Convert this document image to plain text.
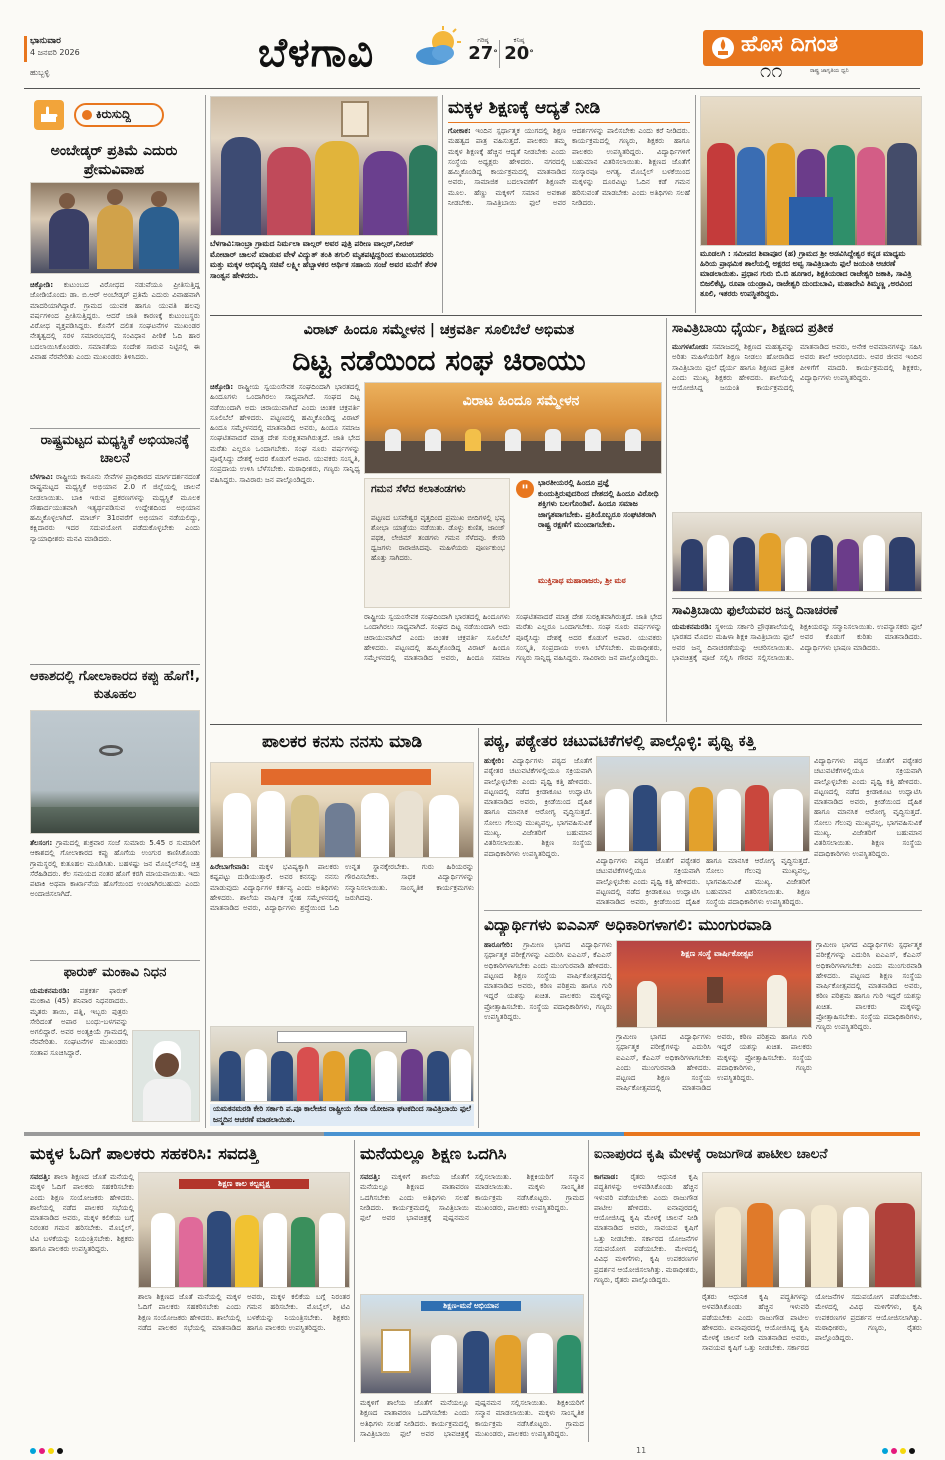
ಭಾನುವಾರ
4 ಜನವರಿ 2026
ಹುಬ್ಬಳ್ಳಿ	ಬೆಳಗಾವಿ	ಗರಿಷ್ಠ
27°
ಕನಿಷ್ಠ
20°	ಹೊಸ ದಿಗಂತ
ರಾಷ್ಟ್ರ ಜಾಗೃತಿಯ ಧ್ವನಿ
೧೧
ಕಿರುಸುದ್ದಿ
ಅಂಬೇಡ್ಕರ್ ಪ್ರತಿಮೆ ಎದುರು ಪ್ರೇಮವಿವಾಹ
ಚಿಕ್ಕೋಡಿ: ಕುಟುಂಬದ ವಿರೋಧದ ನಡುವೆಯೂ ಪ್ರೀತಿಸುತ್ತಿದ್ದ ಜೋಡಿಯೊಂದು ಡಾ. ಬಿ.ಆರ್ ಅಂಬೇಡ್ಕರ್ ಪ್ರತಿಮೆ ಎದುರು ವಿವಾಹವಾಗಿ ಮಾದರಿಯಾಗಿದ್ದಾರೆ. ಗ್ರಾಮದ ಯುವಕ ಹಾಗೂ ಯುವತಿ ಹಲವು ವರ್ಷಗಳಿಂದ ಪ್ರೀತಿಸುತ್ತಿದ್ದರು. ಆದರೆ ಜಾತಿ ಕಾರಣಕ್ಕೆ ಕುಟುಂಬಸ್ಥರು ವಿರೋಧ ವ್ಯಕ್ತಪಡಿಸಿದ್ದರು. ಕೊನೆಗೆ ದಲಿತ ಸಂಘಟನೆಗಳ ಮುಖಂಡರ ನೇತೃತ್ವದಲ್ಲಿ ಸರಳ ಸಮಾರಂಭದಲ್ಲಿ ಸಂವಿಧಾನ ಪೀಠಿಕೆ ಓದಿ ಹಾರ ಬದಲಾಯಿಸಿಕೊಂಡರು. ಸಮಾನತೆಯ ಸಂದೇಶ ಸಾರುವ ನಿಟ್ಟಿನಲ್ಲಿ ಈ ವಿವಾಹ ನೆರವೇರಿತು ಎಂದು ಮುಖಂಡರು ತಿಳಿಸಿದರು.
ರಾಷ್ಟ್ರಮಟ್ಟದ ಮಧ್ಯಸ್ಥಿಕೆ ಅಭಿಯಾನಕ್ಕೆ ಚಾಲನೆ
ಬೆಳಗಾವಿ: ರಾಷ್ಟ್ರೀಯ ಕಾನೂನು ಸೇವೆಗಳ ಪ್ರಾಧಿಕಾರದ ಮಾರ್ಗದರ್ಶನದಂತೆ ರಾಷ್ಟ್ರಮಟ್ಟದ ಮಧ್ಯಸ್ಥಿಕೆ ಅಭಿಯಾನ 2.0 ಗೆ ಜಿಲ್ಲೆಯಲ್ಲಿ ಚಾಲನೆ ನೀಡಲಾಯಿತು. ಬಾಕಿ ಇರುವ ಪ್ರಕರಣಗಳನ್ನು ಮಧ್ಯಸ್ಥಿಕೆ ಮೂಲಕ ಸೌಹಾರ್ದಯುತವಾಗಿ ಇತ್ಯರ್ಥಪಡಿಸುವ ಉದ್ದೇಶದಿಂದ ಅಭಿಯಾನ ಹಮ್ಮಿಕೊಳ್ಳಲಾಗಿದೆ. ಮಾರ್ಚ್ 31ರವರೆಗೆ ಅಭಿಯಾನ ನಡೆಯಲಿದ್ದು, ಕಕ್ಷಿದಾರರು ಇದರ ಸದುಪಯೋಗ ಪಡೆದುಕೊಳ್ಳಬೇಕು ಎಂದು ನ್ಯಾಯಾಧೀಶರು ಮನವಿ ಮಾಡಿದರು.
ಆಕಾಶದಲ್ಲಿ ಗೋಲಾಕಾರದ ಕಪ್ಪು ಹೊಗೆ!, ಕುತೂಹಲ
ತೆಲಸಂಗ: ಗ್ರಾಮದಲ್ಲಿ ಶುಕ್ರವಾರ ಸಂಜೆ ಸುಮಾರು 5.45 ರ ಸುಮಾರಿಗೆ ಆಕಾಶದಲ್ಲಿ ಗೋಲಾಕಾರದ ಕಪ್ಪು ಹೊಗೆಯ ಉಂಗುರ ಕಾಣಿಸಿಕೊಂಡು ಗ್ರಾಮಸ್ಥರಲ್ಲಿ ಕುತೂಹಲ ಮೂಡಿಸಿತು. ಬಹಳಷ್ಟು ಜನ ಮೊಬೈಲ್‌ನಲ್ಲಿ ಚಿತ್ರ ಸೆರೆಹಿಡಿದರು. ಕೆಲ ಸಮಯದ ನಂತರ ಹೊಗೆ ಕರಗಿ ಮಾಯವಾಯಿತು. ಇದು ಪಟಾಕಿ ಅಥವಾ ಕಾರ್ಖಾನೆಯ ಹೊಗೆಯಿಂದ ಉಂಟಾಗಿರಬಹುದು ಎಂದು ಅಂದಾಜಿಸಲಾಗಿದೆ.
ಫಾರುಕ್ ಮಂಕಾವಿ ನಿಧನ
ಯಮಕನಮರಡಿ: ಪತ್ರಕರ್ತ ಫಾರುಕ್ ಮಂಕಾವಿ (45) ಶನಿವಾರ ನಿಧನರಾದರು. ಮೃತರು ತಾಯಿ, ಪತ್ನಿ, ಇಬ್ಬರು ಪುತ್ರರು ಸೇರಿದಂತೆ ಅಪಾರ ಬಂಧು-ಬಳಗವನ್ನು ಅಗಲಿದ್ದಾರೆ. ಅವರ ಅಂತ್ಯಕ್ರಿಯೆ ಗ್ರಾಮದಲ್ಲಿ ನೆರವೇರಿತು. ಸಂಘಟನೆಗಳ ಮುಖಂಡರು ಸಂತಾಪ ಸೂಚಿಸಿದ್ದಾರೆ.
ಬೆಳಗಾವಿ:ಸಾಂಬ್ರಾ ಗ್ರಾಮದ ನಿರ್ಮಲಾ ವಾಲ್ಗರ್ ಅವರ ಪುತ್ರಿ ಪರೀಣ ವಾಲ್ಗರ್,ನೀರಜ್ ಮೋಟಾರ್ ಚಾಲನೆ ಮಾಡುವ ವೇಳೆ ವಿದ್ಯುತ್ ತಂತಿ ತಗುಲಿ ಮೃತಪಟ್ಟಿದ್ದರಿಂದ ಕುಟುಂಬದವರು ಮತ್ತು ಮಕ್ಕಳ ಅಭಿವೃದ್ಧಿ ಸಚಿವೆ ಲಕ್ಷ್ಮೀ ಹೆಬ್ಬಾಳಕರ ಆರ್ಥಿಕ ಸಹಾಯ ಸಂಜೆ ಅವರ ಮನೆಗೆ ತೆರಳಿ ಸಾಂತ್ವನ ಹೇಳಿದರು.
ಮಕ್ಕಳ ಶಿಕ್ಷಣಕ್ಕೆ ಆದ್ಯತೆ ನೀಡಿ
ಗೋಕಾಕ: ಇಂದಿನ ಸ್ಪರ್ಧಾತ್ಮಕ ಯುಗದಲ್ಲಿ ಶಿಕ್ಷಣ ಮಹತ್ವದ ಪಾತ್ರ ವಹಿಸುತ್ತದೆ. ಪಾಲಕರು ತಮ್ಮ ಮಕ್ಕಳ ಶಿಕ್ಷಣಕ್ಕೆ ಹೆಚ್ಚಿನ ಆದ್ಯತೆ ನೀಡಬೇಕು ಎಂದು ಸಂಸ್ಥೆಯ ಅಧ್ಯಕ್ಷರು ಹೇಳಿದರು. ನಗರದಲ್ಲಿ ಹಮ್ಮಿಕೊಂಡಿದ್ದ ಕಾರ್ಯಕ್ರಮದಲ್ಲಿ ಮಾತನಾಡಿದ ಅವರು, ಸಾಮಾಜಿಕ ಬದಲಾವಣೆಗೆ ಶಿಕ್ಷಣವೇ ಮೂಲ. ಹೆಣ್ಣು ಮಕ್ಕಳಿಗೆ ಸಮಾನ ಅವಕಾಶ ನೀಡಬೇಕು. ಸಾವಿತ್ರಿಬಾಯಿ ಫುಲೆ ಅವರ ಆದರ್ಶಗಳನ್ನು ಪಾಲಿಸಬೇಕು ಎಂದು ಕರೆ ನೀಡಿದರು. ಕಾರ್ಯಕ್ರಮದಲ್ಲಿ ಗಣ್ಯರು, ಶಿಕ್ಷಕರು ಹಾಗೂ ಪಾಲಕರು ಉಪಸ್ಥಿತರಿದ್ದರು. ವಿದ್ಯಾರ್ಥಿಗಳಿಗೆ ಬಹುಮಾನ ವಿತರಿಸಲಾಯಿತು. ಶಿಕ್ಷಣದ ಜೊತೆಗೆ ಸಂಸ್ಕಾರವೂ ಅಗತ್ಯ. ಮೊಬೈಲ್ ಬಳಕೆಯಿಂದ ಮಕ್ಕಳನ್ನು ದೂರವಿಟ್ಟು ಓದಿನ ಕಡೆ ಗಮನ ಹರಿಸುವಂತೆ ಮಾಡಬೇಕು ಎಂದು ಅತಿಥಿಗಳು ಸಲಹೆ ನೀಡಿದರು.
ಮೂಡಲಗಿ : ಸಮೀಪದ ಶಿವಾಪೂರ (ಹ) ಗ್ರಾಮದ ಶ್ರೀ ಅಡವಿಸಿದ್ದೇಶ್ವರ ಕನ್ನಡ ಮಾಧ್ಯಮ ಹಿರಿಯ ಪ್ರಾಥಮಿಕ ಶಾಲೆಯಲ್ಲಿ ಅಕ್ಷರದ ಅವ್ವ ಸಾವಿತ್ರಿಬಾಯಿ ಫುಲೆ ಜಯಂತಿ ಆಚರಣೆ ಮಾಡಲಾಯಿತು. ಪ್ರಧಾನ ಗುರು ಬಿ.ಬಿ ಹೂಗಾರ, ಶಿಕ್ಷಕಿಯರಾದ ರಾಜೇಶ್ವರಿ ಜಕಾತಿ, ಸಾವಿತ್ರಿ ಬಿಜಲಿಕೆಟ್ಟಿ, ರೂಪಾ ಯಂಡ್ರಾವಿ, ರಾಜೇಶ್ವರಿ ದುಂದುಬಾವಿ, ಮಹಾದೇವಿ ತಿಮ್ಮಣ್ಣ ,ಅರವಿಂದ ತೂಲಿ, ಇತರರು ಉಪಸ್ಥಿತರಿದ್ದರು.
ವಿರಾಟ್ ಹಿಂದೂ ಸಮ್ಮೇಳನ | ಚಕ್ರವರ್ತಿ ಸೂಲಿಬೆಲೆ ಅಭಿಮತ
ದಿಟ್ಟ ನಡೆಯಿಂದ ಸಂಘ ಚಿರಾಯು
ಚಿಕ್ಕೋಡಿ: ರಾಷ್ಟ್ರೀಯ ಸ್ವಯಂಸೇವಕ ಸಂಘದಿಂದಾಗಿ ಭಾರತದಲ್ಲಿ ಹಿಂದೂಗಳು ಒಂದಾಗಿರಲು ಸಾಧ್ಯವಾಗಿದೆ. ಸಂಘದ ದಿಟ್ಟ ನಡೆಯಿಂದಾಗಿ ಅದು ಚಿರಾಯುವಾಗಿದೆ ಎಂದು ಚಿಂತಕ ಚಕ್ರವರ್ತಿ ಸೂಲಿಬೆಲೆ ಹೇಳಿದರು. ಪಟ್ಟಣದಲ್ಲಿ ಹಮ್ಮಿಕೊಂಡಿದ್ದ ವಿರಾಟ್ ಹಿಂದೂ ಸಮ್ಮೇಳನದಲ್ಲಿ ಮಾತನಾಡಿದ ಅವರು, ಹಿಂದೂ ಸಮಾಜ ಸಂಘಟಿತವಾದರೆ ಮಾತ್ರ ದೇಶ ಸುರಕ್ಷಿತವಾಗಿರುತ್ತದೆ. ಜಾತಿ ಭೇದ ಮರೆತು ಎಲ್ಲರೂ ಒಂದಾಗಬೇಕು. ಸಂಘ ನೂರು ವರ್ಷಗಳನ್ನು ಪೂರೈಸಿದ್ದು ದೇಶಕ್ಕೆ ಅದರ ಕೊಡುಗೆ ಅಪಾರ. ಯುವಕರು ಸಂಸ್ಕೃತಿ, ಸಂಪ್ರದಾಯ ಉಳಿಸಿ ಬೆಳೆಸಬೇಕು. ಮಠಾಧೀಶರು, ಗಣ್ಯರು ಸಾನ್ನಿಧ್ಯ ವಹಿಸಿದ್ದರು. ಸಾವಿರಾರು ಜನ ಪಾಲ್ಗೊಂಡಿದ್ದರು.
ವಿರಾಟ ಹಿಂದೂ ಸಮ್ಮೇಳನ
ಗಮನ ಸೆಳೆದ ಕಲಾತಂಡಗಳು
ಪಟ್ಟಣದ ಬಸವೇಶ್ವರ ವೃತ್ತದಿಂದ ಪ್ರಮುಖ ಬೀದಿಗಳಲ್ಲಿ ಭವ್ಯ ಶೋಭಾ ಯಾತ್ರೆಯು ನಡೆಯಿತು. ಡೊಳ್ಳು ಕುಣಿತ, ಜಾಂಜ್ ಪಥಕ, ಲೇಜಿಮ್ ತಂಡಗಳು ಗಮನ ಸೆಳೆದವು. ಕೇಸರಿ ಧ್ವಜಗಳು ರಾರಾಜಿಸಿದವು. ಮಹಿಳೆಯರು ಪೂರ್ಣಕುಂಭ ಹೊತ್ತು ಸಾಗಿದರು.
"
ಭಾರತೀಯರಲ್ಲಿ ಹಿಂದೂ ಪ್ರಜ್ಞೆ ಕುಂದುತ್ತಿರುವುದರಿಂದ ದೇಶದಲ್ಲಿ ಹಿಂದೂ ವಿರೋಧಿ ಶಕ್ತಿಗಳು ಬಲಗೊಂಡಿವೆ. ಹಿಂದೂ ಸಮಾಜ ಜಾಗೃತವಾಗಬೇಕು. ಪ್ರತಿಯೊಬ್ಬರೂ ಸಂಘಟಿತರಾಗಿ ರಾಷ್ಟ್ರ ರಕ್ಷಣೆಗೆ ಮುಂದಾಗಬೇಕು.
ಮುಕ್ತಿನಾಥ ಮಹಾರಾಜರು, ಶ್ರೀ ಮಠ
ರಾಷ್ಟ್ರೀಯ ಸ್ವಯಂಸೇವಕ ಸಂಘದಿಂದಾಗಿ ಭಾರತದಲ್ಲಿ ಹಿಂದೂಗಳು ಒಂದಾಗಿರಲು ಸಾಧ್ಯವಾಗಿದೆ. ಸಂಘದ ದಿಟ್ಟ ನಡೆಯಿಂದಾಗಿ ಅದು ಚಿರಾಯುವಾಗಿದೆ ಎಂದು ಚಿಂತಕ ಚಕ್ರವರ್ತಿ ಸೂಲಿಬೆಲೆ ಹೇಳಿದರು. ಪಟ್ಟಣದಲ್ಲಿ ಹಮ್ಮಿಕೊಂಡಿದ್ದ ವಿರಾಟ್ ಹಿಂದೂ ಸಮ್ಮೇಳನದಲ್ಲಿ ಮಾತನಾಡಿದ ಅವರು, ಹಿಂದೂ ಸಮಾಜ ಸಂಘಟಿತವಾದರೆ ಮಾತ್ರ ದೇಶ ಸುರಕ್ಷಿತವಾಗಿರುತ್ತದೆ. ಜಾತಿ ಭೇದ ಮರೆತು ಎಲ್ಲರೂ ಒಂದಾಗಬೇಕು. ಸಂಘ ನೂರು ವರ್ಷಗಳನ್ನು ಪೂರೈಸಿದ್ದು ದೇಶಕ್ಕೆ ಅದರ ಕೊಡುಗೆ ಅಪಾರ. ಯುವಕರು ಸಂಸ್ಕೃತಿ, ಸಂಪ್ರದಾಯ ಉಳಿಸಿ ಬೆಳೆಸಬೇಕು. ಮಠಾಧೀಶರು, ಗಣ್ಯರು ಸಾನ್ನಿಧ್ಯ ವಹಿಸಿದ್ದರು. ಸಾವಿರಾರು ಜನ ಪಾಲ್ಗೊಂಡಿದ್ದರು.
ಸಾವಿತ್ರಿಬಾಯಿ ಧೈರ್ಯ, ಶಿಕ್ಷಣದ ಪ್ರತೀಕ
ಮುಗಳಖೋಡ: ಸಮಾಜದಲ್ಲಿ ಶಿಕ್ಷಣದ ಮಹತ್ವವನ್ನು ಅರಿತು ಮಹಿಳೆಯರಿಗೆ ಶಿಕ್ಷಣ ನೀಡಲು ಹೋರಾಡಿದ ಸಾವಿತ್ರಿಬಾಯಿ ಫುಲೆ ಧೈರ್ಯ ಹಾಗೂ ಶಿಕ್ಷಣದ ಪ್ರತೀಕ ಎಂದು ಮುಖ್ಯ ಶಿಕ್ಷಕರು ಹೇಳಿದರು. ಶಾಲೆಯಲ್ಲಿ ಆಯೋಜಿಸಿದ್ದ ಜಯಂತಿ ಕಾರ್ಯಕ್ರಮದಲ್ಲಿ ಮಾತನಾಡಿದ ಅವರು, ಅನೇಕ ಅವಮಾನಗಳನ್ನು ಸಹಿಸಿ ಅವರು ಶಾಲೆ ಆರಂಭಿಸಿದರು. ಅವರ ಜೀವನ ಇಂದಿನ ಪೀಳಿಗೆಗೆ ಮಾದರಿ. ಕಾರ್ಯಕ್ರಮದಲ್ಲಿ ಶಿಕ್ಷಕರು, ವಿದ್ಯಾರ್ಥಿಗಳು ಉಪಸ್ಥಿತರಿದ್ದರು.
ಸಾವಿತ್ರಿಬಾಯಿ ಫುಲೆಯವರ ಜನ್ಮ ದಿನಾಚರಣೆ
ಯಮಕನಮರಡಿ: ಸ್ಥಳೀಯ ಸರ್ಕಾರಿ ಪ್ರೌಢಶಾಲೆಯಲ್ಲಿ ಭಾರತದ ಮೊದಲ ಮಹಿಳಾ ಶಿಕ್ಷಕಿ ಸಾವಿತ್ರಿಬಾಯಿ ಫುಲೆ ಅವರ ಜನ್ಮ ದಿನಾಚರಣೆಯನ್ನು ಆಚರಿಸಲಾಯಿತು. ಭಾವಚಿತ್ರಕ್ಕೆ ಪೂಜೆ ಸಲ್ಲಿಸಿ ಗೌರವ ಸಲ್ಲಿಸಲಾಯಿತು. ಶಿಕ್ಷಕಿಯರನ್ನು ಸನ್ಮಾನಿಸಲಾಯಿತು. ಉಪನ್ಯಾಸಕರು ಫುಲೆ ಅವರ ಕೊಡುಗೆ ಕುರಿತು ಮಾತನಾಡಿದರು. ವಿದ್ಯಾರ್ಥಿಗಳು ಭಾಷಣ ಮಾಡಿದರು.
ಪಾಲಕರ ಕನಸು ನನಸು ಮಾಡಿ
ಹಿರೇಬಾಗೇವಾಡಿ: ಮಕ್ಕಳ ಭವಿಷ್ಯಕ್ಕಾಗಿ ಪಾಲಕರು ಕಷ್ಟಪಟ್ಟು ದುಡಿಯುತ್ತಾರೆ. ಅವರ ಕನಸನ್ನು ನನಸು ಮಾಡುವುದು ವಿದ್ಯಾರ್ಥಿಗಳ ಕರ್ತವ್ಯ ಎಂದು ಅತಿಥಿಗಳು ಹೇಳಿದರು. ಶಾಲೆಯ ವಾರ್ಷಿಕ ಸ್ನೇಹ ಸಮ್ಮೇಳನದಲ್ಲಿ ಮಾತನಾಡಿದ ಅವರು, ವಿದ್ಯಾರ್ಥಿಗಳು ಶ್ರದ್ಧೆಯಿಂದ ಓದಿ ಉನ್ನತ ಸ್ಥಾನಕ್ಕೇರಬೇಕು. ಗುರು ಹಿರಿಯರನ್ನು ಗೌರವಿಸಬೇಕು. ಸಾಧಕ ವಿದ್ಯಾರ್ಥಿಗಳನ್ನು ಸನ್ಮಾನಿಸಲಾಯಿತು. ಸಾಂಸ್ಕೃತಿಕ ಕಾರ್ಯಕ್ರಮಗಳು ಜರುಗಿದವು.
ಯಮಕನಮರಡಿ ಕೇರಿ ಸರ್ಕಾರಿ ಪ.ಪೂ ಕಾಲೇಜಿನ ರಾಷ್ಟ್ರೀಯ ಸೇವಾ ಯೋಜನಾ ಘಟಕದಿಂದ ಸಾವಿತ್ರಿಬಾಯಿ ಫುಲೆ ಜನ್ಮದಿನ ಆಚರಣೆ ಮಾಡಲಾಯಿತು.
ಪಠ್ಯ, ಪಠ್ಯೇತರ ಚಟುವಟಿಕೆಗಳಲ್ಲಿ ಪಾಲ್ಗೊಳ್ಳಿ: ಪೃಥ್ವಿ ಕತ್ತಿ
ಹುಕ್ಕೇರಿ: ವಿದ್ಯಾರ್ಥಿಗಳು ಪಠ್ಯದ ಜೊತೆಗೆ ಪಠ್ಯೇತರ ಚಟುವಟಿಕೆಗಳಲ್ಲಿಯೂ ಸಕ್ರಿಯವಾಗಿ ಪಾಲ್ಗೊಳ್ಳಬೇಕು ಎಂದು ಪೃಥ್ವಿ ಕತ್ತಿ ಹೇಳಿದರು. ಪಟ್ಟಣದಲ್ಲಿ ನಡೆದ ಕ್ರೀಡಾಕೂಟ ಉದ್ಘಾಟಿಸಿ ಮಾತನಾಡಿದ ಅವರು, ಕ್ರೀಡೆಯಿಂದ ದೈಹಿಕ ಹಾಗೂ ಮಾನಸಿಕ ಆರೋಗ್ಯ ವೃದ್ಧಿಸುತ್ತದೆ. ಸೋಲು ಗೆಲುವು ಮುಖ್ಯವಲ್ಲ, ಭಾಗವಹಿಸುವಿಕೆ ಮುಖ್ಯ. ವಿಜೇತರಿಗೆ ಬಹುಮಾನ ವಿತರಿಸಲಾಯಿತು. ಶಿಕ್ಷಣ ಸಂಸ್ಥೆಯ ಪದಾಧಿಕಾರಿಗಳು ಉಪಸ್ಥಿತರಿದ್ದರು.
ವಿದ್ಯಾರ್ಥಿಗಳು ಪಠ್ಯದ ಜೊತೆಗೆ ಪಠ್ಯೇತರ ಚಟುವಟಿಕೆಗಳಲ್ಲಿಯೂ ಸಕ್ರಿಯವಾಗಿ ಪಾಲ್ಗೊಳ್ಳಬೇಕು ಎಂದು ಪೃಥ್ವಿ ಕತ್ತಿ ಹೇಳಿದರು. ಪಟ್ಟಣದಲ್ಲಿ ನಡೆದ ಕ್ರೀಡಾಕೂಟ ಉದ್ಘಾಟಿಸಿ ಮಾತನಾಡಿದ ಅವರು, ಕ್ರೀಡೆಯಿಂದ ದೈಹಿಕ ಹಾಗೂ ಮಾನಸಿಕ ಆರೋಗ್ಯ ವೃದ್ಧಿಸುತ್ತದೆ. ಸೋಲು ಗೆಲುವು ಮುಖ್ಯವಲ್ಲ, ಭಾಗವಹಿಸುವಿಕೆ ಮುಖ್ಯ. ವಿಜೇತರಿಗೆ ಬಹುಮಾನ ವಿತರಿಸಲಾಯಿತು. ಶಿಕ್ಷಣ ಸಂಸ್ಥೆಯ ಪದಾಧಿಕಾರಿಗಳು ಉಪಸ್ಥಿತರಿದ್ದರು.
ವಿದ್ಯಾರ್ಥಿಗಳು ಪಠ್ಯದ ಜೊತೆಗೆ ಪಠ್ಯೇತರ ಚಟುವಟಿಕೆಗಳಲ್ಲಿಯೂ ಸಕ್ರಿಯವಾಗಿ ಪಾಲ್ಗೊಳ್ಳಬೇಕು ಎಂದು ಪೃಥ್ವಿ ಕತ್ತಿ ಹೇಳಿದರು. ಪಟ್ಟಣದಲ್ಲಿ ನಡೆದ ಕ್ರೀಡಾಕೂಟ ಉದ್ಘಾಟಿಸಿ ಮಾತನಾಡಿದ ಅವರು, ಕ್ರೀಡೆಯಿಂದ ದೈಹಿಕ ಹಾಗೂ ಮಾನಸಿಕ ಆರೋಗ್ಯ ವೃದ್ಧಿಸುತ್ತದೆ. ಸೋಲು ಗೆಲುವು ಮುಖ್ಯವಲ್ಲ, ಭಾಗವಹಿಸುವಿಕೆ ಮುಖ್ಯ. ವಿಜೇತರಿಗೆ ಬಹುಮಾನ ವಿತರಿಸಲಾಯಿತು. ಶಿಕ್ಷಣ ಸಂಸ್ಥೆಯ ಪದಾಧಿಕಾರಿಗಳು ಉಪಸ್ಥಿತರಿದ್ದರು.
ವಿದ್ಯಾರ್ಥಿಗಳು ಐಎಎಸ್ ಅಧಿಕಾರಿಗಳಾಗಲಿ: ಮುಂಗುರವಾಡಿ
ಹಾರೂಗೇರಿ: ಗ್ರಾಮೀಣ ಭಾಗದ ವಿದ್ಯಾರ್ಥಿಗಳು ಸ್ಪರ್ಧಾತ್ಮಕ ಪರೀಕ್ಷೆಗಳನ್ನು ಎದುರಿಸಿ ಐಎಎಸ್, ಕೆಎಎಸ್ ಅಧಿಕಾರಿಗಳಾಗಬೇಕು ಎಂದು ಮುಂಗುರವಾಡಿ ಹೇಳಿದರು. ಪಟ್ಟಣದ ಶಿಕ್ಷಣ ಸಂಸ್ಥೆಯ ವಾರ್ಷಿಕೋತ್ಸವದಲ್ಲಿ ಮಾತನಾಡಿದ ಅವರು, ಕಠಿಣ ಪರಿಶ್ರಮ ಹಾಗೂ ಗುರಿ ಇದ್ದರೆ ಯಶಸ್ಸು ಖಚಿತ. ಪಾಲಕರು ಮಕ್ಕಳನ್ನು ಪ್ರೋತ್ಸಾಹಿಸಬೇಕು. ಸಂಸ್ಥೆಯ ಪದಾಧಿಕಾರಿಗಳು, ಗಣ್ಯರು ಉಪಸ್ಥಿತರಿದ್ದರು.
ಶಿಕ್ಷಣ ಸಂಸ್ಥೆ ವಾರ್ಷಿಕೋತ್ಸವ
ಗ್ರಾಮೀಣ ಭಾಗದ ವಿದ್ಯಾರ್ಥಿಗಳು ಸ್ಪರ್ಧಾತ್ಮಕ ಪರೀಕ್ಷೆಗಳನ್ನು ಎದುರಿಸಿ ಐಎಎಸ್, ಕೆಎಎಸ್ ಅಧಿಕಾರಿಗಳಾಗಬೇಕು ಎಂದು ಮುಂಗುರವಾಡಿ ಹೇಳಿದರು. ಪಟ್ಟಣದ ಶಿಕ್ಷಣ ಸಂಸ್ಥೆಯ ವಾರ್ಷಿಕೋತ್ಸವದಲ್ಲಿ ಮಾತನಾಡಿದ ಅವರು, ಕಠಿಣ ಪರಿಶ್ರಮ ಹಾಗೂ ಗುರಿ ಇದ್ದರೆ ಯಶಸ್ಸು ಖಚಿತ. ಪಾಲಕರು ಮಕ್ಕಳನ್ನು ಪ್ರೋತ್ಸಾಹಿಸಬೇಕು. ಸಂಸ್ಥೆಯ ಪದಾಧಿಕಾರಿಗಳು, ಗಣ್ಯರು ಉಪಸ್ಥಿತರಿದ್ದರು.
ಗ್ರಾಮೀಣ ಭಾಗದ ವಿದ್ಯಾರ್ಥಿಗಳು ಸ್ಪರ್ಧಾತ್ಮಕ ಪರೀಕ್ಷೆಗಳನ್ನು ಎದುರಿಸಿ ಐಎಎಸ್, ಕೆಎಎಸ್ ಅಧಿಕಾರಿಗಳಾಗಬೇಕು ಎಂದು ಮುಂಗುರವಾಡಿ ಹೇಳಿದರು. ಪಟ್ಟಣದ ಶಿಕ್ಷಣ ಸಂಸ್ಥೆಯ ವಾರ್ಷಿಕೋತ್ಸವದಲ್ಲಿ ಮಾತನಾಡಿದ ಅವರು, ಕಠಿಣ ಪರಿಶ್ರಮ ಹಾಗೂ ಗುರಿ ಇದ್ದರೆ ಯಶಸ್ಸು ಖಚಿತ. ಪಾಲಕರು ಮಕ್ಕಳನ್ನು ಪ್ರೋತ್ಸಾಹಿಸಬೇಕು. ಸಂಸ್ಥೆಯ ಪದಾಧಿಕಾರಿಗಳು, ಗಣ್ಯರು ಉಪಸ್ಥಿತರಿದ್ದರು.
ಮಕ್ಕಳ ಓದಿಗೆ ಪಾಲಕರು ಸಹಕರಿಸಿ: ಸವದತ್ತಿ
ಸವದತ್ತಿ: ಶಾಲಾ ಶಿಕ್ಷಣದ ಜೊತೆ ಮನೆಯಲ್ಲಿ ಮಕ್ಕಳ ಓದಿಗೆ ಪಾಲಕರು ಸಹಕರಿಸಬೇಕು ಎಂದು ಶಿಕ್ಷಣ ಸಂಯೋಜಕರು ಹೇಳಿದರು. ಶಾಲೆಯಲ್ಲಿ ನಡೆದ ಪಾಲಕರ ಸಭೆಯಲ್ಲಿ ಮಾತನಾಡಿದ ಅವರು, ಮಕ್ಕಳ ಕಲಿಕೆಯ ಬಗ್ಗೆ ನಿರಂತರ ಗಮನ ಹರಿಸಬೇಕು. ಮೊಬೈಲ್, ಟಿವಿ ಬಳಕೆಯನ್ನು ನಿಯಂತ್ರಿಸಬೇಕು. ಶಿಕ್ಷಕರು ಹಾಗೂ ಪಾಲಕರು ಉಪಸ್ಥಿತರಿದ್ದರು.
ಶಿಕ್ಷಣ ಕಾಲ ಕಲ್ಪವೃಕ್ಷ
ಶಾಲಾ ಶಿಕ್ಷಣದ ಜೊತೆ ಮನೆಯಲ್ಲಿ ಮಕ್ಕಳ ಓದಿಗೆ ಪಾಲಕರು ಸಹಕರಿಸಬೇಕು ಎಂದು ಶಿಕ್ಷಣ ಸಂಯೋಜಕರು ಹೇಳಿದರು. ಶಾಲೆಯಲ್ಲಿ ನಡೆದ ಪಾಲಕರ ಸಭೆಯಲ್ಲಿ ಮಾತನಾಡಿದ ಅವರು, ಮಕ್ಕಳ ಕಲಿಕೆಯ ಬಗ್ಗೆ ನಿರಂತರ ಗಮನ ಹರಿಸಬೇಕು. ಮೊಬೈಲ್, ಟಿವಿ ಬಳಕೆಯನ್ನು ನಿಯಂತ್ರಿಸಬೇಕು. ಶಿಕ್ಷಕರು ಹಾಗೂ ಪಾಲಕರು ಉಪಸ್ಥಿತರಿದ್ದರು.
ಮನೆಯಲ್ಲೂ ಶಿಕ್ಷಣ ಒದಗಿಸಿ
ಸವದತ್ತಿ: ಮಕ್ಕಳಿಗೆ ಶಾಲೆಯ ಜೊತೆಗೆ ಮನೆಯಲ್ಲೂ ಶಿಕ್ಷಣದ ವಾತಾವರಣ ಒದಗಿಸಬೇಕು ಎಂದು ಅತಿಥಿಗಳು ಸಲಹೆ ನೀಡಿದರು. ಕಾರ್ಯಕ್ರಮದಲ್ಲಿ ಸಾವಿತ್ರಿಬಾಯಿ ಫುಲೆ ಅವರ ಭಾವಚಿತ್ರಕ್ಕೆ ಪುಷ್ಪನಮನ ಸಲ್ಲಿಸಲಾಯಿತು. ಶಿಕ್ಷಕಿಯರಿಗೆ ಸನ್ಮಾನ ಮಾಡಲಾಯಿತು. ಮಕ್ಕಳು ಸಾಂಸ್ಕೃತಿಕ ಕಾರ್ಯಕ್ರಮ ನಡೆಸಿಕೊಟ್ಟರು. ಗ್ರಾಮದ ಮುಖಂಡರು, ಪಾಲಕರು ಉಪಸ್ಥಿತರಿದ್ದರು.
ಶಿಕ್ಷಣ-ಮನೆ ಅಭಿಯಾನ
ಮಕ್ಕಳಿಗೆ ಶಾಲೆಯ ಜೊತೆಗೆ ಮನೆಯಲ್ಲೂ ಶಿಕ್ಷಣದ ವಾತಾವರಣ ಒದಗಿಸಬೇಕು ಎಂದು ಅತಿಥಿಗಳು ಸಲಹೆ ನೀಡಿದರು. ಕಾರ್ಯಕ್ರಮದಲ್ಲಿ ಸಾವಿತ್ರಿಬಾಯಿ ಫುಲೆ ಅವರ ಭಾವಚಿತ್ರಕ್ಕೆ ಪುಷ್ಪನಮನ ಸಲ್ಲಿಸಲಾಯಿತು. ಶಿಕ್ಷಕಿಯರಿಗೆ ಸನ್ಮಾನ ಮಾಡಲಾಯಿತು. ಮಕ್ಕಳು ಸಾಂಸ್ಕೃತಿಕ ಕಾರ್ಯಕ್ರಮ ನಡೆಸಿಕೊಟ್ಟರು. ಗ್ರಾಮದ ಮುಖಂಡರು, ಪಾಲಕರು ಉಪಸ್ಥಿತರಿದ್ದರು.
ಐನಾಪುರದ ಕೃಷಿ ಮೇಳಕ್ಕೆ ರಾಜುಗೌಡ ಪಾಟೀಲ ಚಾಲನೆ
ಕಾಗವಾಡ: ರೈತರು ಆಧುನಿಕ ಕೃಷಿ ಪದ್ಧತಿಗಳನ್ನು ಅಳವಡಿಸಿಕೊಂಡು ಹೆಚ್ಚಿನ ಇಳುವರಿ ಪಡೆಯಬೇಕು ಎಂದು ರಾಜುಗೌಡ ಪಾಟೀಲ ಹೇಳಿದರು. ಐನಾಪುರದಲ್ಲಿ ಆಯೋಜಿಸಿದ್ದ ಕೃಷಿ ಮೇಳಕ್ಕೆ ಚಾಲನೆ ನೀಡಿ ಮಾತನಾಡಿದ ಅವರು, ಸಾವಯವ ಕೃಷಿಗೆ ಒತ್ತು ನೀಡಬೇಕು. ಸರ್ಕಾರದ ಯೋಜನೆಗಳ ಸದುಪಯೋಗ ಪಡೆಯಬೇಕು. ಮೇಳದಲ್ಲಿ ವಿವಿಧ ಮಳಿಗೆಗಳು, ಕೃಷಿ ಉಪಕರಣಗಳ ಪ್ರದರ್ಶನ ಆಯೋಜಿಸಲಾಗಿತ್ತು. ಮಠಾಧೀಶರು, ಗಣ್ಯರು, ರೈತರು ಪಾಲ್ಗೊಂಡಿದ್ದರು.
ರೈತರು ಆಧುನಿಕ ಕೃಷಿ ಪದ್ಧತಿಗಳನ್ನು ಅಳವಡಿಸಿಕೊಂಡು ಹೆಚ್ಚಿನ ಇಳುವರಿ ಪಡೆಯಬೇಕು ಎಂದು ರಾಜುಗೌಡ ಪಾಟೀಲ ಹೇಳಿದರು. ಐನಾಪುರದಲ್ಲಿ ಆಯೋಜಿಸಿದ್ದ ಕೃಷಿ ಮೇಳಕ್ಕೆ ಚಾಲನೆ ನೀಡಿ ಮಾತನಾಡಿದ ಅವರು, ಸಾವಯವ ಕೃಷಿಗೆ ಒತ್ತು ನೀಡಬೇಕು. ಸರ್ಕಾರದ ಯೋಜನೆಗಳ ಸದುಪಯೋಗ ಪಡೆಯಬೇಕು. ಮೇಳದಲ್ಲಿ ವಿವಿಧ ಮಳಿಗೆಗಳು, ಕೃಷಿ ಉಪಕರಣಗಳ ಪ್ರದರ್ಶನ ಆಯೋಜಿಸಲಾಗಿತ್ತು. ಮಠಾಧೀಶರು, ಗಣ್ಯರು, ರೈತರು ಪಾಲ್ಗೊಂಡಿದ್ದರು.
11
